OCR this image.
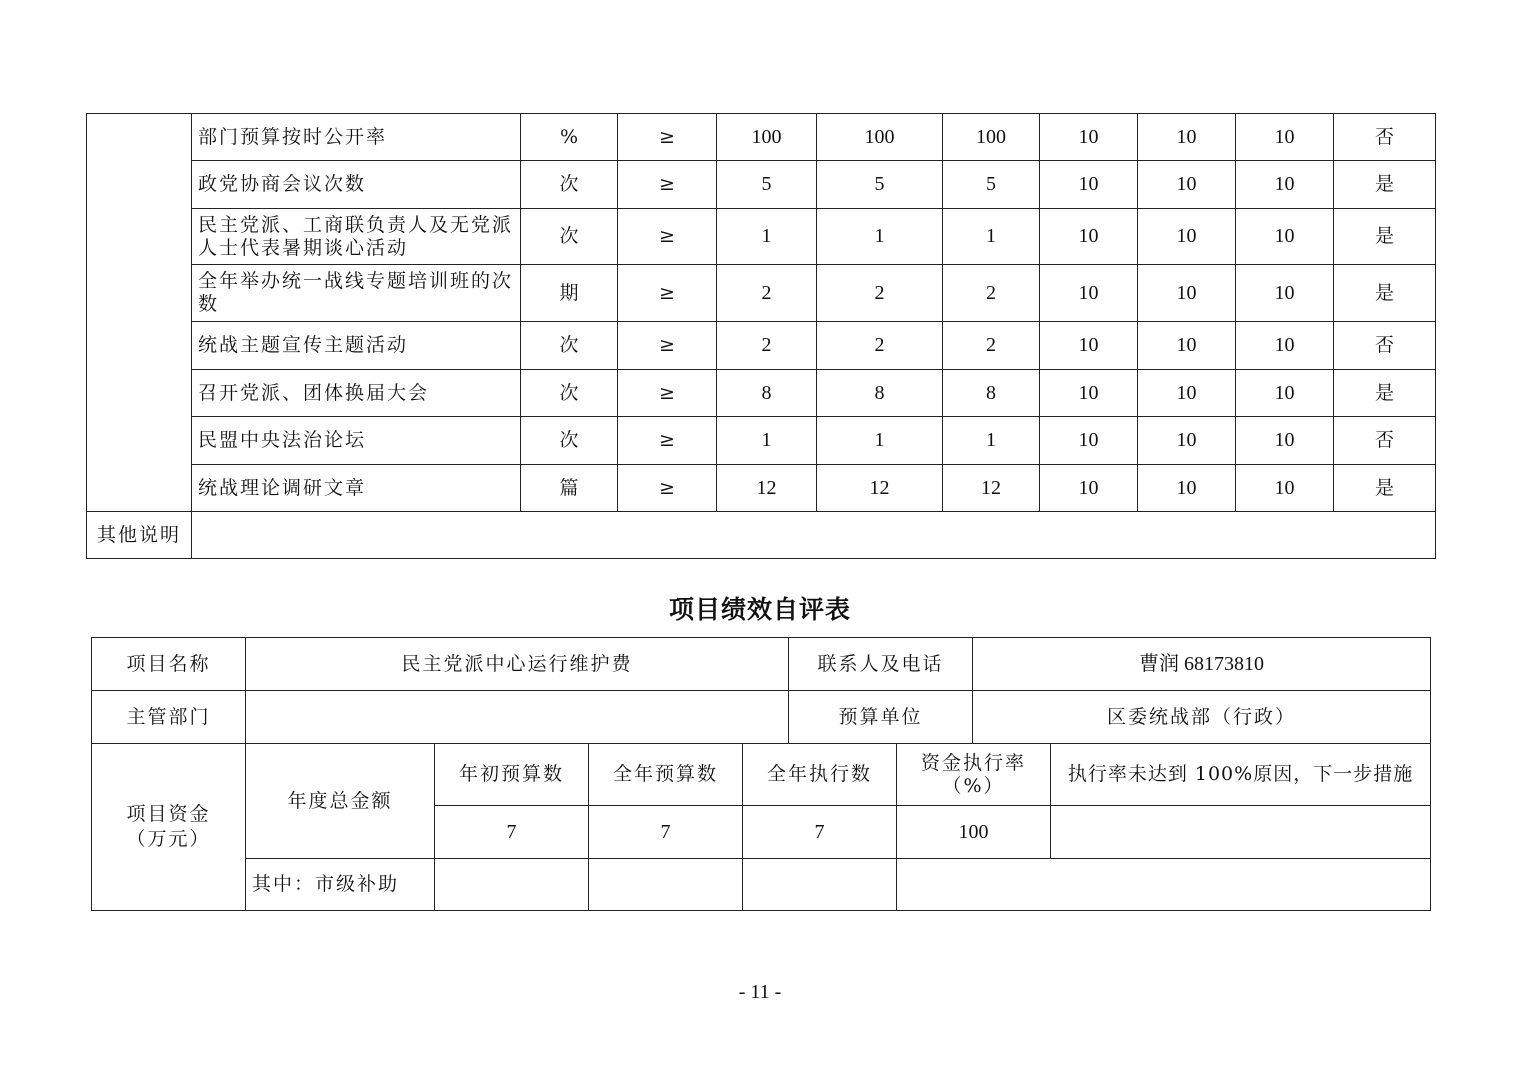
	部门预算按时公开率	%	≥	100	100	100	10	10	10	否
	政党协商会议次数	次	≥	5	5	5	10	10	10	是
	民主党派、工商联负责人及无党派人士代表暑期谈心活动	次	≥	1	1	1	10	10	10	是
	全年举办统一战线专题培训班的次数	期	≥	2	2	2	10	10	10	是
	统战主题宣传主题活动	次	≥	2	2	2	10	10	10	否
	召开党派、团体换届大会	次	≥	8	8	8	10	10	10	是
	民盟中央法治论坛	次	≥	1	1	1	10	10	10	否
	统战理论调研文章	篇	≥	12	12	12	10	10	10	是
其他说明										
项目绩效自评表
项目名称	民主党派中心运行维护费				联系人及电话		曹润 68173810	
主管部门					预算单位		区委统战部（行政）	
项目资金（万元）	年度总金额	年初预算数	全年预算数	全年执行数		资金执行率（%）		执行率未达到 100%原因，下一步措施
		7	7	7		100		
	其中：市级补助							
- 11 -
